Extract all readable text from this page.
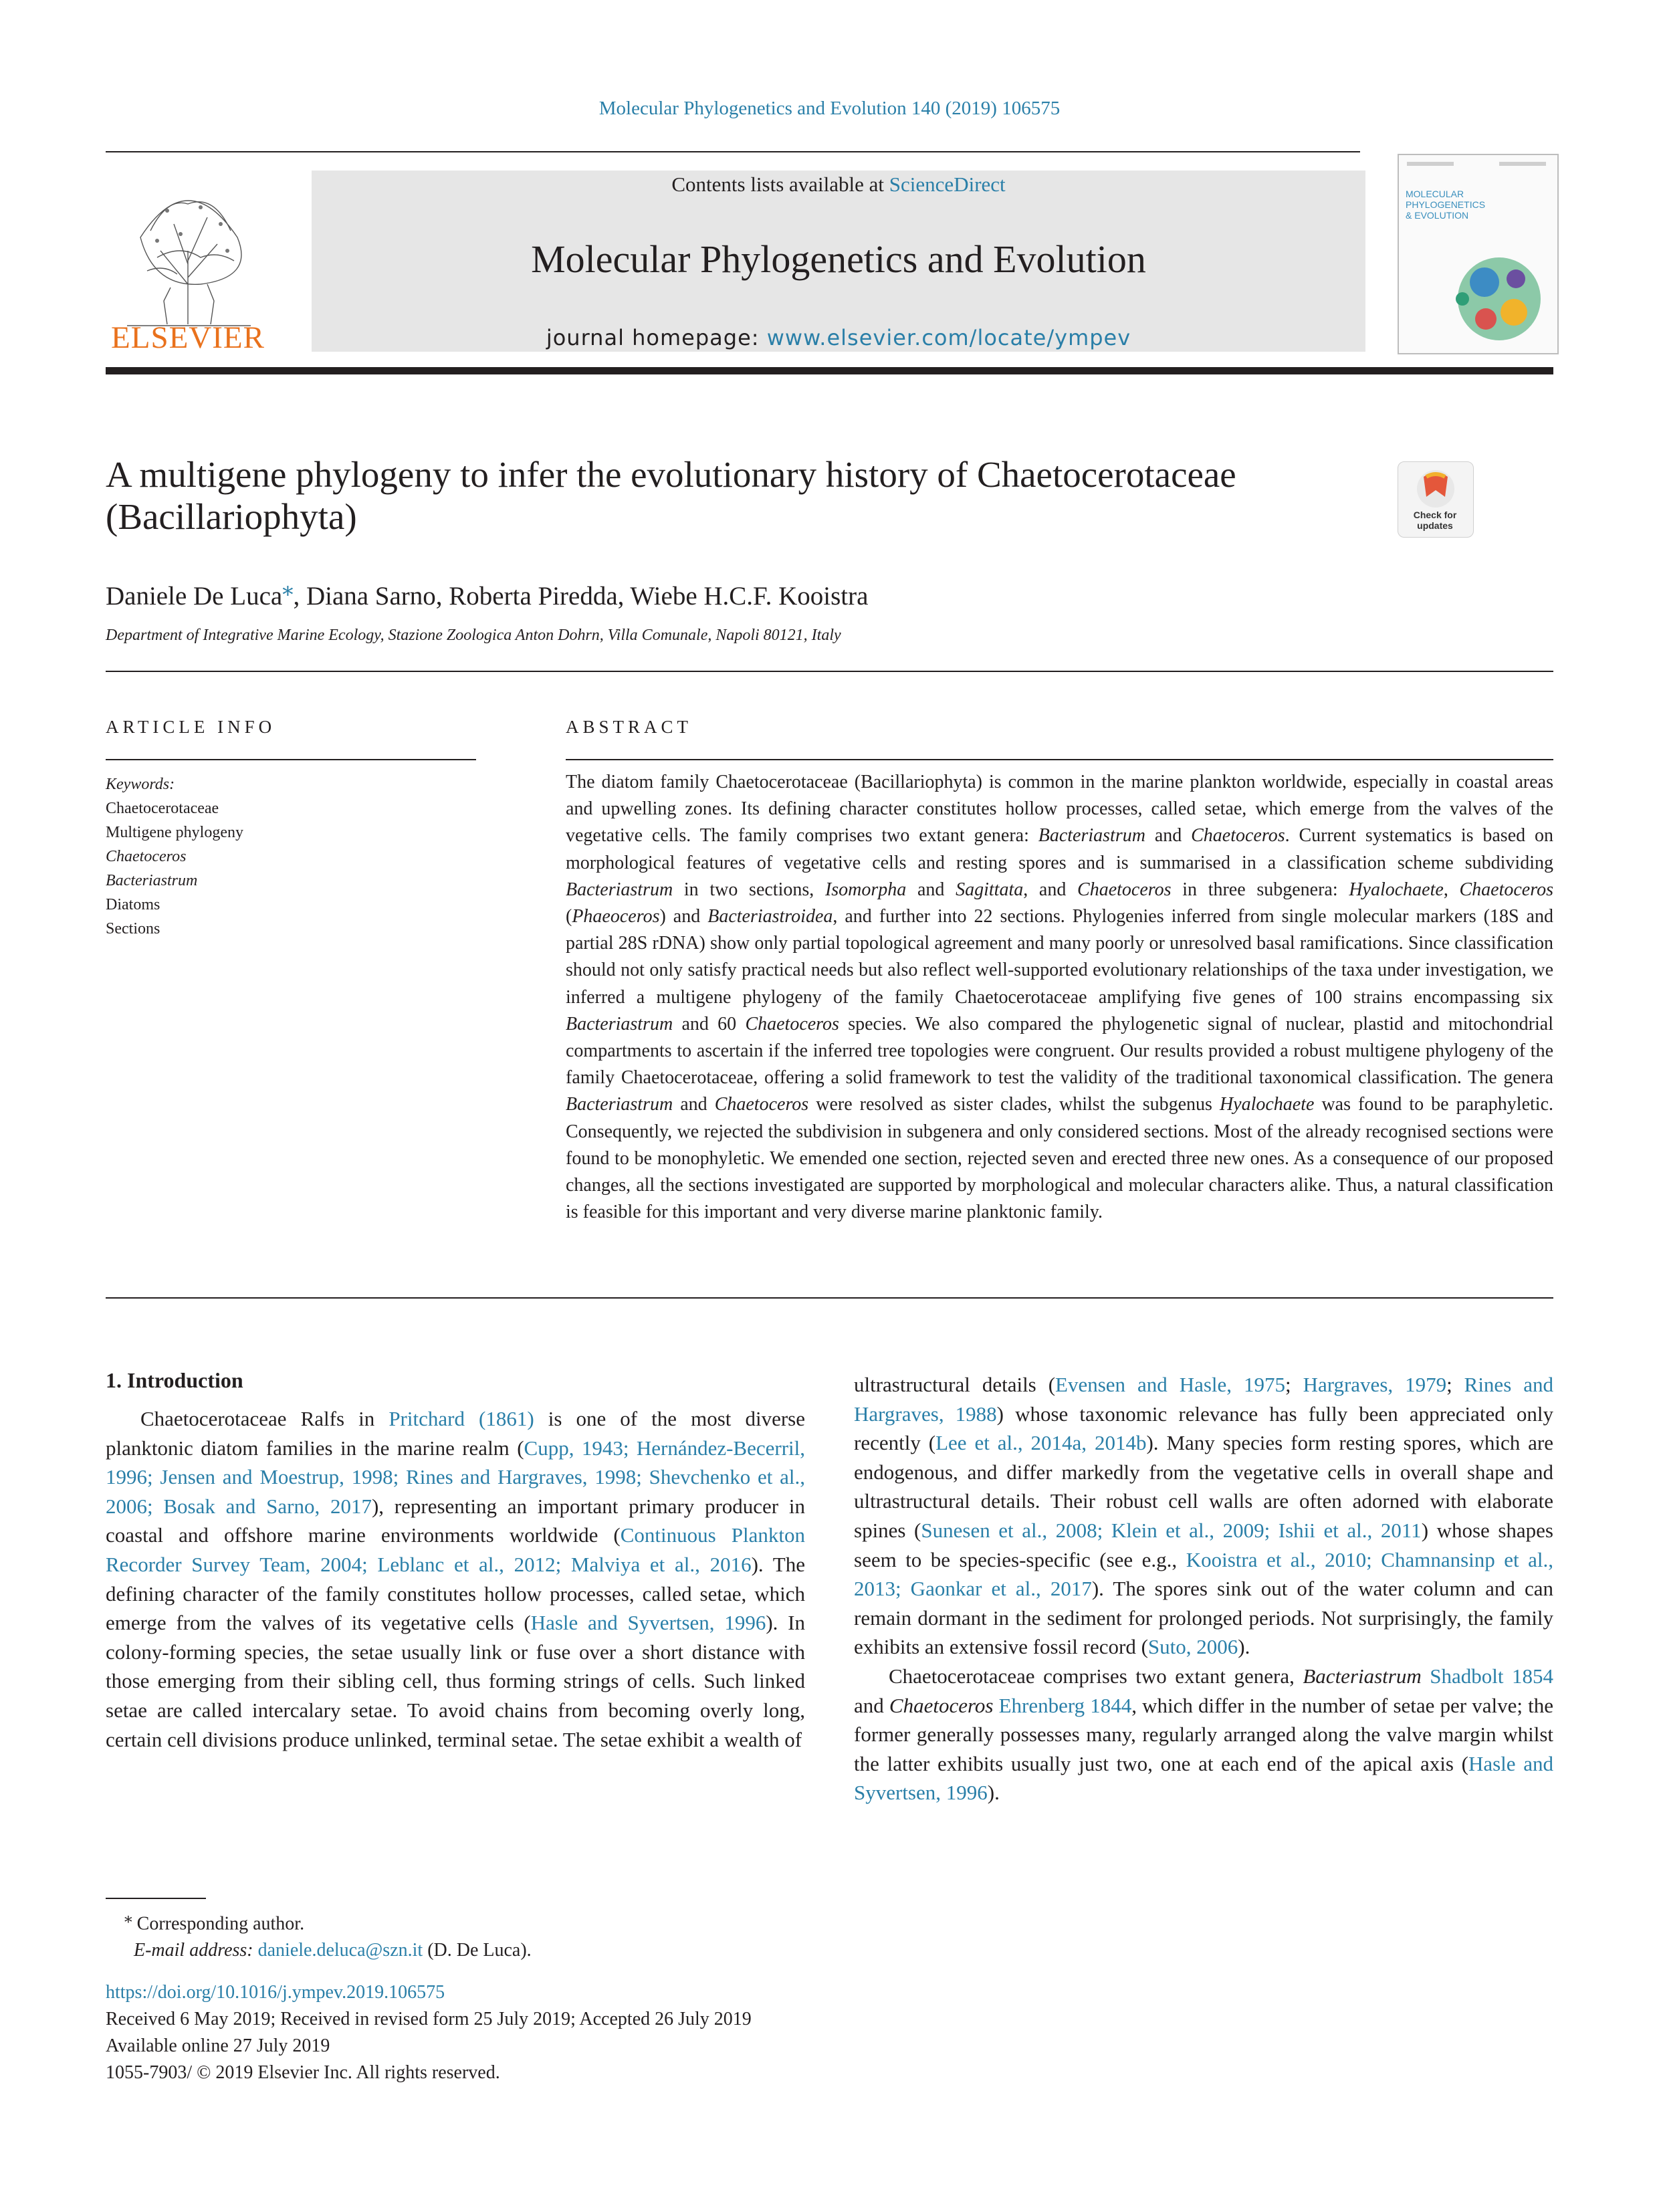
Molecular Phylogenetics and Evolution 140 (2019) 106575
ELSEVIER
Contents lists available at ScienceDirect
Molecular Phylogenetics and Evolution
journal homepage: www.elsevier.com/locate/ympev
MOLECULAR
PHYLOGENETICS
& EVOLUTION
A multigene phylogeny to infer the evolutionary history of Chaetocerotaceae (Bacillariophyta)	Check for
updates
Daniele De Luca⁎, Diana Sarno, Roberta Piredda, Wiebe H.C.F. Kooistra
Department of Integrative Marine Ecology, Stazione Zoologica Anton Dohrn, Villa Comunale, Napoli 80121, Italy
ARTICLE INFO	ABSTRACT
Keywords:
Chaetocerotaceae
Multigene phylogeny
Chaetoceros
Bacteriastrum
Diatoms
Sections
The diatom family Chaetocerotaceae (Bacillariophyta) is common in the marine plankton worldwide, especially in coastal areas and upwelling zones. Its defining character constitutes hollow processes, called setae, which emerge from the valves of the vegetative cells. The family comprises two extant genera: Bacteriastrum and Chaetoceros. Current systematics is based on morphological features of vegetative cells and resting spores and is summarised in a classification scheme subdividing Bacteriastrum in two sections, Isomorpha and Sagittata, and Chaetoceros in three subgenera: Hyalochaete, Chaetoceros (Phaeoceros) and Bacteriastroidea, and further into 22 sections. Phylogenies inferred from single molecular markers (18S and partial 28S rDNA) show only partial topological agreement and many poorly or unresolved basal ramifications. Since classification should not only satisfy practical needs but also reflect well-supported evolutionary relationships of the taxa under investigation, we inferred a multigene phylogeny of the family Chaetocerotaceae amplifying five genes of 100 strains encompassing six Bacteriastrum and 60 Chaetoceros species. We also compared the phylogenetic signal of nuclear, plastid and mitochondrial compartments to ascertain if the inferred tree topologies were congruent. Our results provided a robust multigene phylogeny of the family Chaetocerotaceae, offering a solid framework to test the validity of the traditional taxonomical classification. The genera Bacteriastrum and Chaetoceros were resolved as sister clades, whilst the subgenus Hyalochaete was found to be paraphyletic. Consequently, we rejected the subdivision in subgenera and only considered sections. Most of the already recognised sections were found to be monophyletic. We emended one section, rejected seven and erected three new ones. As a consequence of our proposed changes, all the sections investigated are supported by morphological and molecular characters alike. Thus, a natural classification is feasible for this important and very diverse marine planktonic family.
1. Introduction

Chaetocerotaceae Ralfs in Pritchard (1861) is one of the most diverse planktonic diatom families in the marine realm (Cupp, 1943; Hernández-Becerril, 1996; Jensen and Moestrup, 1998; Rines and Hargraves, 1998; Shevchenko et al., 2006; Bosak and Sarno, 2017), representing an important primary producer in coastal and offshore marine environments worldwide (Continuous Plankton Recorder Survey Team, 2004; Leblanc et al., 2012; Malviya et al., 2016). The defining character of the family constitutes hollow processes, called setae, which emerge from the valves of its vegetative cells (Hasle and Syvertsen, 1996). In colony-forming species, the setae usually link or fuse over a short distance with those emerging from their sibling cell, thus forming strings of cells. Such linked setae are called intercalary setae. To avoid chains from becoming overly long, certain cell divisions produce unlinked, terminal setae. The setae exhibit a wealth of

ultrastructural details (Evensen and Hasle, 1975; Hargraves, 1979; Rines and Hargraves, 1988) whose taxonomic relevance has fully been appreciated only recently (Lee et al., 2014a, 2014b). Many species form resting spores, which are endogenous, and differ markedly from the vegetative cells in overall shape and ultrastructural details. Their robust cell walls are often adorned with elaborate spines (Sunesen et al., 2008; Klein et al., 2009; Ishii et al., 2011) whose shapes seem to be species-specific (see e.g., Kooistra et al., 2010; Chamnansinp et al., 2013; Gaonkar et al., 2017). The spores sink out of the water column and can remain dormant in the sediment for prolonged periods. Not surprisingly, the family exhibits an extensive fossil record (Suto, 2006).

Chaetocerotaceae comprises two extant genera, Bacteriastrum Shadbolt 1854 and Chaetoceros Ehrenberg 1844, which differ in the number of setae per valve; the former generally possesses many, regularly arranged along the valve margin whilst the latter exhibits usually just two, one at each end of the apical axis (Hasle and Syvertsen, 1996).

⁎ Corresponding author.
E-mail address: daniele.deluca@szn.it (D. De Luca).
https://doi.org/10.1016/j.ympev.2019.106575
Received 6 May 2019; Received in revised form 25 July 2019; Accepted 26 July 2019
Available online 27 July 2019
1055-7903/ © 2019 Elsevier Inc. All rights reserved.
